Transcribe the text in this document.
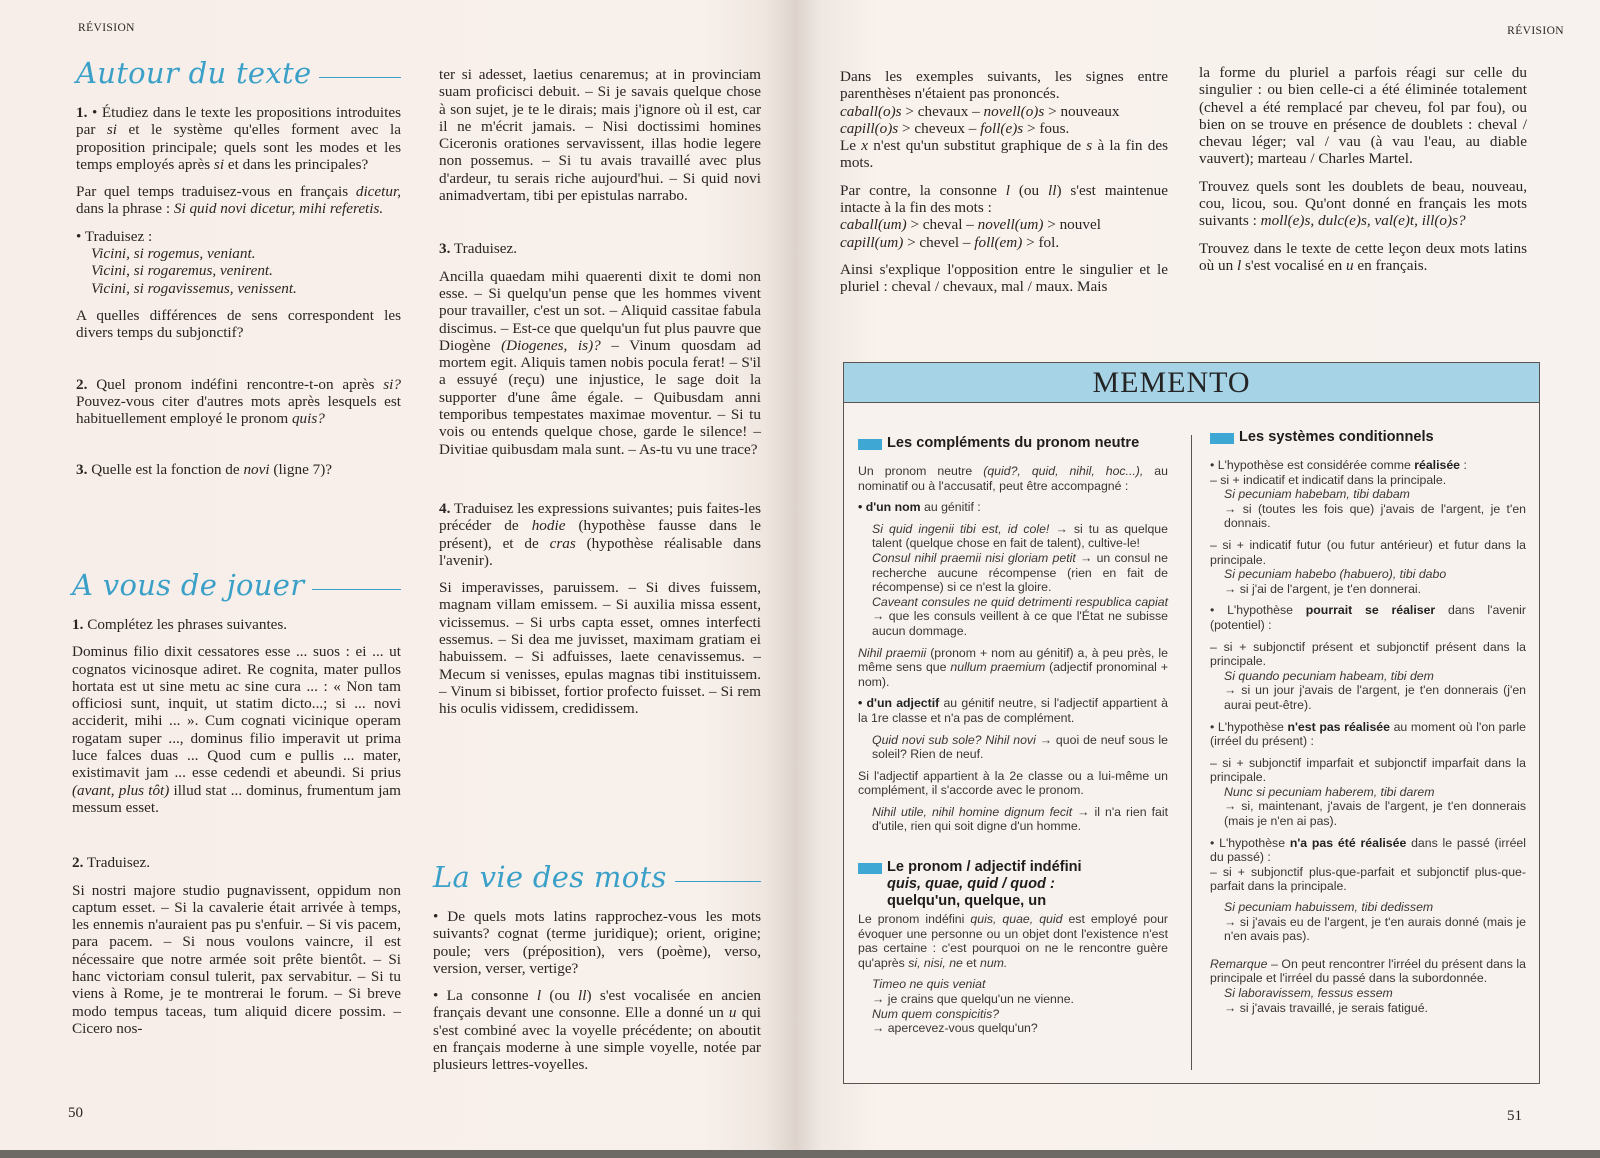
RÉVISION
Autour du texte

1. • Étudiez dans le texte les propositions introduites par si et le système qu'elles forment avec la proposition principale; quels sont les modes et les temps employés après si et dans les principales?

Par quel temps traduisez-vous en français dicetur, dans la phrase : Si quid novi dicetur, mihi referetis.

• Traduisez :
Vicini, si rogemus, veniant.
Vicini, si rogaremus, venirent.
Vicini, si rogavissemus, venissent.

A quelles différences de sens correspondent les divers temps du subjonctif?

2. Quel pronom indéfini rencontre-t-on après si? Pouvez-vous citer d'autres mots après lesquels est habituellement employé le pronom quis?

3. Quelle est la fonction de novi (ligne 7)?

A vous de jouer

1. Complétez les phrases suivantes.

Dominus filio dixit cessatores esse ... suos : ei ... ut cognatos vicinosque adiret. Re cognita, mater pullos hortata est ut sine metu ac sine cura ... : « Non tam officiosi sunt, inquit, ut statim dicto...; si ... novi acciderit, mihi ... ». Cum cognati vicinique operam rogatam super ..., dominus filio imperavit ut prima luce falces duas ... Quod cum e pullis ... mater, existimavit jam ... esse cedendi et abeundi. Si prius (avant, plus tôt) illud stat ... dominus, frumentum jam messum esset.

2. Traduisez.

Si nostri majore studio pugnavissent, oppidum non captum esset. – Si la cavalerie était arrivée à temps, les ennemis n'auraient pas pu s'enfuir. – Si vis pacem, para pacem. – Si nous voulons vaincre, il est nécessaire que notre armée soit prête bientôt. – Si hanc victoriam consul tulerit, pax servabitur. – Si tu viens à Rome, je te montrerai le forum. – Si breve modo tempus taceas, tum aliquid dicere possim. – Cicero nos-

ter si adesset, laetius cenaremus; at in provinciam suam proficisci debuit. – Si je savais quelque chose à son sujet, je te le dirais; mais j'ignore où il est, car il ne m'écrit jamais. – Nisi doctissimi homines Ciceronis orationes servavissent, illas hodie legere non possemus. – Si tu avais travaillé avec plus d'ardeur, tu serais riche aujourd'hui. – Si quid novi animadvertam, tibi per epistulas narrabo.

3. Traduisez.

Ancilla quaedam mihi quaerenti dixit te domi non esse. – Si quelqu'un pense que les hommes vivent pour travailler, c'est un sot. – Aliquid cassitae fabula discimus. – Est-ce que quelqu'un fut plus pauvre que Diogène (Diogenes, is)? – Vinum quosdam ad mortem egit. Aliquis tamen nobis pocula ferat! – S'il a essuyé (reçu) une injustice, le sage doit la supporter d'une âme égale. – Quibusdam anni temporibus tempestates maximae moventur. – Si tu vois ou entends quelque chose, garde le silence! – Divitiae quibusdam mala sunt. – As-tu vu une trace?

4. Traduisez les expressions suivantes; puis faites-les précéder de hodie (hypothèse fausse dans le présent), et de cras (hypothèse réalisable dans l'avenir).

Si imperavisses, paruissem. – Si dives fuissem, magnam villam emissem. – Si auxilia missa essent, vicissemus. – Si urbs capta esset, omnes interfecti essemus. – Si dea me juvisset, maximam gratiam ei habuissem. – Si adfuisses, laete cenavissemus. – Mecum si venisses, epulas magnas tibi instituissem. – Vinum si bibisset, fortior profecto fuisset. – Si rem his oculis vidissem, credidissem.

La vie des mots

• De quels mots latins rapprochez-vous les mots suivants? cognat (terme juridique); orient, origine; poule; vers (préposition), vers (poème), verso, version, verser, vertige?

• La consonne l (ou ll) s'est vocalisée en ancien français devant une consonne. Elle a donné un u qui s'est combiné avec la voyelle précédente; on aboutit en français moderne à une simple voyelle, notée par plusieurs lettres-voyelles.

50
RÉVISION

Dans les exemples suivants, les signes entre parenthèses n'étaient pas prononcés.

caball(o)s > chevaux – novell(o)s > nouveaux
capill(o)s > cheveux – foll(e)s > fous.

Le x n'est qu'un substitut graphique de s à la fin des mots.

Par contre, la consonne l (ou ll) s'est maintenue intacte à la fin des mots :
caball(um) > cheval – novell(um) > nouvel

capill(um) > chevel – foll(em) > fol.

Ainsi s'explique l'opposition entre le singulier et le pluriel : cheval / chevaux, mal / maux. Mais

la forme du pluriel a parfois réagi sur celle du singulier : ou bien celle-ci a été éliminée totalement (chevel a été remplacé par cheveu, fol par fou), ou bien on se trouve en présence de doublets : cheval / chevau léger; val / vau (à vau l'eau, au diable vauvert); marteau / Charles Martel.

Trouvez quels sont les doublets de beau, nouveau, cou, licou, sou. Qu'ont donné en français les mots suivants : moll(e)s, dulc(e)s, val(e)t, ill(o)s?

Trouvez dans le texte de cette leçon deux mots latins où un l s'est vocalisé en u en français.

51
MEMENTO
Les compléments du pronom neutre

Un pronom neutre (quid?, quid, nihil, hoc...), au nominatif ou à l'accusatif, peut être accompagné :

• d'un nom au génitif :

Si quid ingenii tibi est, id cole! → si tu as quelque talent (quelque chose en fait de talent), cultive-le!
Consul nihil praemii nisi gloriam petit → un consul ne recherche aucune récompense (rien en fait de récompense) si ce n'est la gloire.
Caveant consules ne quid detrimenti respublica capiat → que les consuls veillent à ce que l'État ne subisse aucun dommage.

Nihil praemii (pronom + nom au génitif) a, à peu près, le même sens que nullum praemium (adjectif pronominal + nom).

• d'un adjectif au génitif neutre, si l'adjectif appartient à la 1re classe et n'a pas de complément.

Quid novi sub sole? Nihil novi → quoi de neuf sous le soleil? Rien de neuf.

Si l'adjectif appartient à la 2e classe ou a lui-même un complément, il s'accorde avec le pronom.

Nihil utile, nihil homine dignum fecit → il n'a rien fait d'utile, rien qui soit digne d'un homme.

Le pronom / adjectif indéfini
quis, quae, quid / quod :
quelqu'un, quelque, un

Le pronom indéfini quis, quae, quid est employé pour évoquer une personne ou un objet dont l'existence n'est pas certaine : c'est pourquoi on ne le rencontre guère qu'après si, nisi, ne et num.

Timeo ne quis veniat
→ je crains que quelqu'un ne vienne.
Num quem conspicitis?
→ apercevez-vous quelqu'un?
Les systèmes conditionnels
• L'hypothèse est considérée comme réalisée :
– si + indicatif et indicatif dans la principale.
Si pecuniam habebam, tibi dabam
→ si (toutes les fois que) j'avais de l'argent, je t'en donnais.
– si + indicatif futur (ou futur antérieur) et futur dans la principale.
Si pecuniam habebo (habuero), tibi dabo
→ si j'ai de l'argent, je t'en donnerai.

• L'hypothèse pourrait se réaliser dans l'avenir (potentiel) :

– si + subjonctif présent et subjonctif présent dans la principale.
Si quando pecuniam habeam, tibi dem
→ si un jour j'avais de l'argent, je t'en donnerais (j'en aurai peut-être).

• L'hypothèse n'est pas réalisée au moment où l'on parle (irréel du présent) :

– si + subjonctif imparfait et subjonctif imparfait dans la principale.
Nunc si pecuniam haberem, tibi darem
→ si, maintenant, j'avais de l'argent, je t'en donnerais (mais je n'en ai pas).
• L'hypothèse n'a pas été réalisée dans le passé (irréel du passé) :
– si + subjonctif plus-que-parfait et subjonctif plus-que-parfait dans la principale.
Si pecuniam habuissem, tibi dedissem
→ si j'avais eu de l'argent, je t'en aurais donné (mais je n'en avais pas).
Remarque – On peut rencontrer l'irréel du présent dans la principale et l'irréel du passé dans la subordonnée.
Si laboravissem, fessus essem
→ si j'avais travaillé, je serais fatigué.
